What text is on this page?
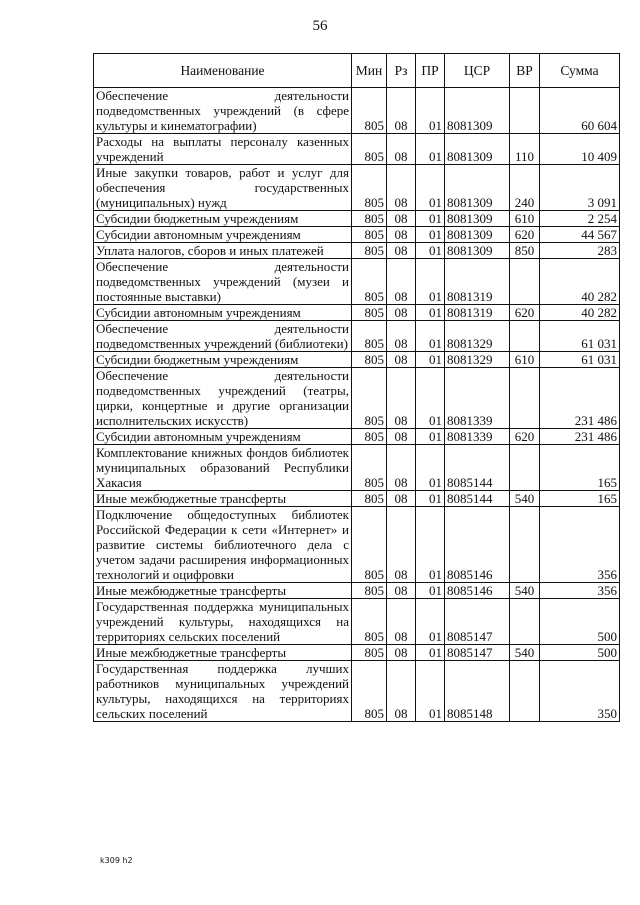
56
Наименование	Мин	Рз	ПР	ЦСР	ВР	Сумма
Обеспечение деятельности подведомственных учреждений (в сфере культуры и кинематографии)	805	08	01	8081309		60 604
Расходы на выплаты персоналу казенных учреждений	805	08	01	8081309	110	10 409
Иные закупки товаров, работ и услуг для обеспечения государственных (муниципальных) нужд	805	08	01	8081309	240	3 091
Субсидии бюджетным учреждениям	805	08	01	8081309	610	2 254
Субсидии автономным учреждениям	805	08	01	8081309	620	44 567
Уплата налогов, сборов и иных платежей	805	08	01	8081309	850	283
Обеспечение деятельности подведомственных учреждений (музеи и постоянные выставки)	805	08	01	8081319		40 282
Субсидии автономным учреждениям	805	08	01	8081319	620	40 282
Обеспечение деятельности подведомственных учреждений (библиотеки)	805	08	01	8081329		61 031
Субсидии бюджетным учреждениям	805	08	01	8081329	610	61 031
Обеспечение деятельности подведомственных учреждений (театры, цирки, концертные и другие организации исполнительских искусств)	805	08	01	8081339		231 486
Субсидии автономным учреждениям	805	08	01	8081339	620	231 486
Комплектование книжных фондов библиотек муниципальных образований Республики Хакасия	805	08	01	8085144		165
Иные межбюджетные трансферты	805	08	01	8085144	540	165
Подключение общедоступных библиотек Российской Федерации к сети «Интернет» и развитие системы библиотечного дела с учетом задачи расширения информационных технологий и оцифровки	805	08	01	8085146		356
Иные межбюджетные трансферты	805	08	01	8085146	540	356
Государственная поддержка муниципальных учреждений культуры, находящихся на территориях сельских поселений	805	08	01	8085147		500
Иные межбюджетные трансферты	805	08	01	8085147	540	500
Государственная поддержка лучших работников муниципальных учреждений культуры, находящихся на территориях сельских поселений	805	08	01	8085148		350
k309 h2
